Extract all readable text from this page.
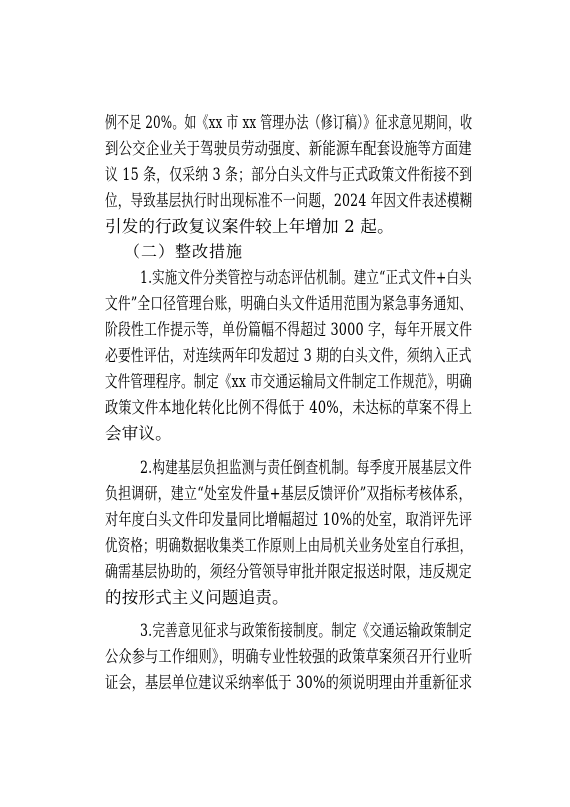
例不足 20%。如《xx 市 xx 管理办法（修订稿）》征求意见期间，收
到公交企业关于驾驶员劳动强度、新能源车配套设施等方面建
议 15 条，仅采纳 3 条；部分白头文件与正式政策文件衔接不到
位，导致基层执行时出现标准不一问题，2024 年因文件表述模糊
引发的行政复议案件较上年增加 2 起。
（二）整改措施
1.实施文件分类管控与动态评估机制。建立“正式文件+白头
文件”全口径管理台账，明确白头文件适用范围为紧急事务通知、
阶段性工作提示等，单份篇幅不得超过 3000 字，每年开展文件
必要性评估，对连续两年印发超过 3 期的白头文件，须纳入正式
文件管理程序。制定《xx 市交通运输局文件制定工作规范》，明确
政策文件本地化转化比例不得低于 40%，未达标的草案不得上
会审议。
2.构建基层负担监测与责任倒查机制。每季度开展基层文件
负担调研，建立“处室发件量+基层反馈评价”双指标考核体系，
对年度白头文件印发量同比增幅超过 10%的处室，取消评先评
优资格；明确数据收集类工作原则上由局机关业务处室自行承担，
确需基层协助的，须经分管领导审批并限定报送时限，违反规定
的按形式主义问题追责。
3.完善意见征求与政策衔接制度。制定《交通运输政策制定
公众参与工作细则》，明确专业性较强的政策草案须召开行业听
证会，基层单位建议采纳率低于 30%的须说明理由并重新征求
